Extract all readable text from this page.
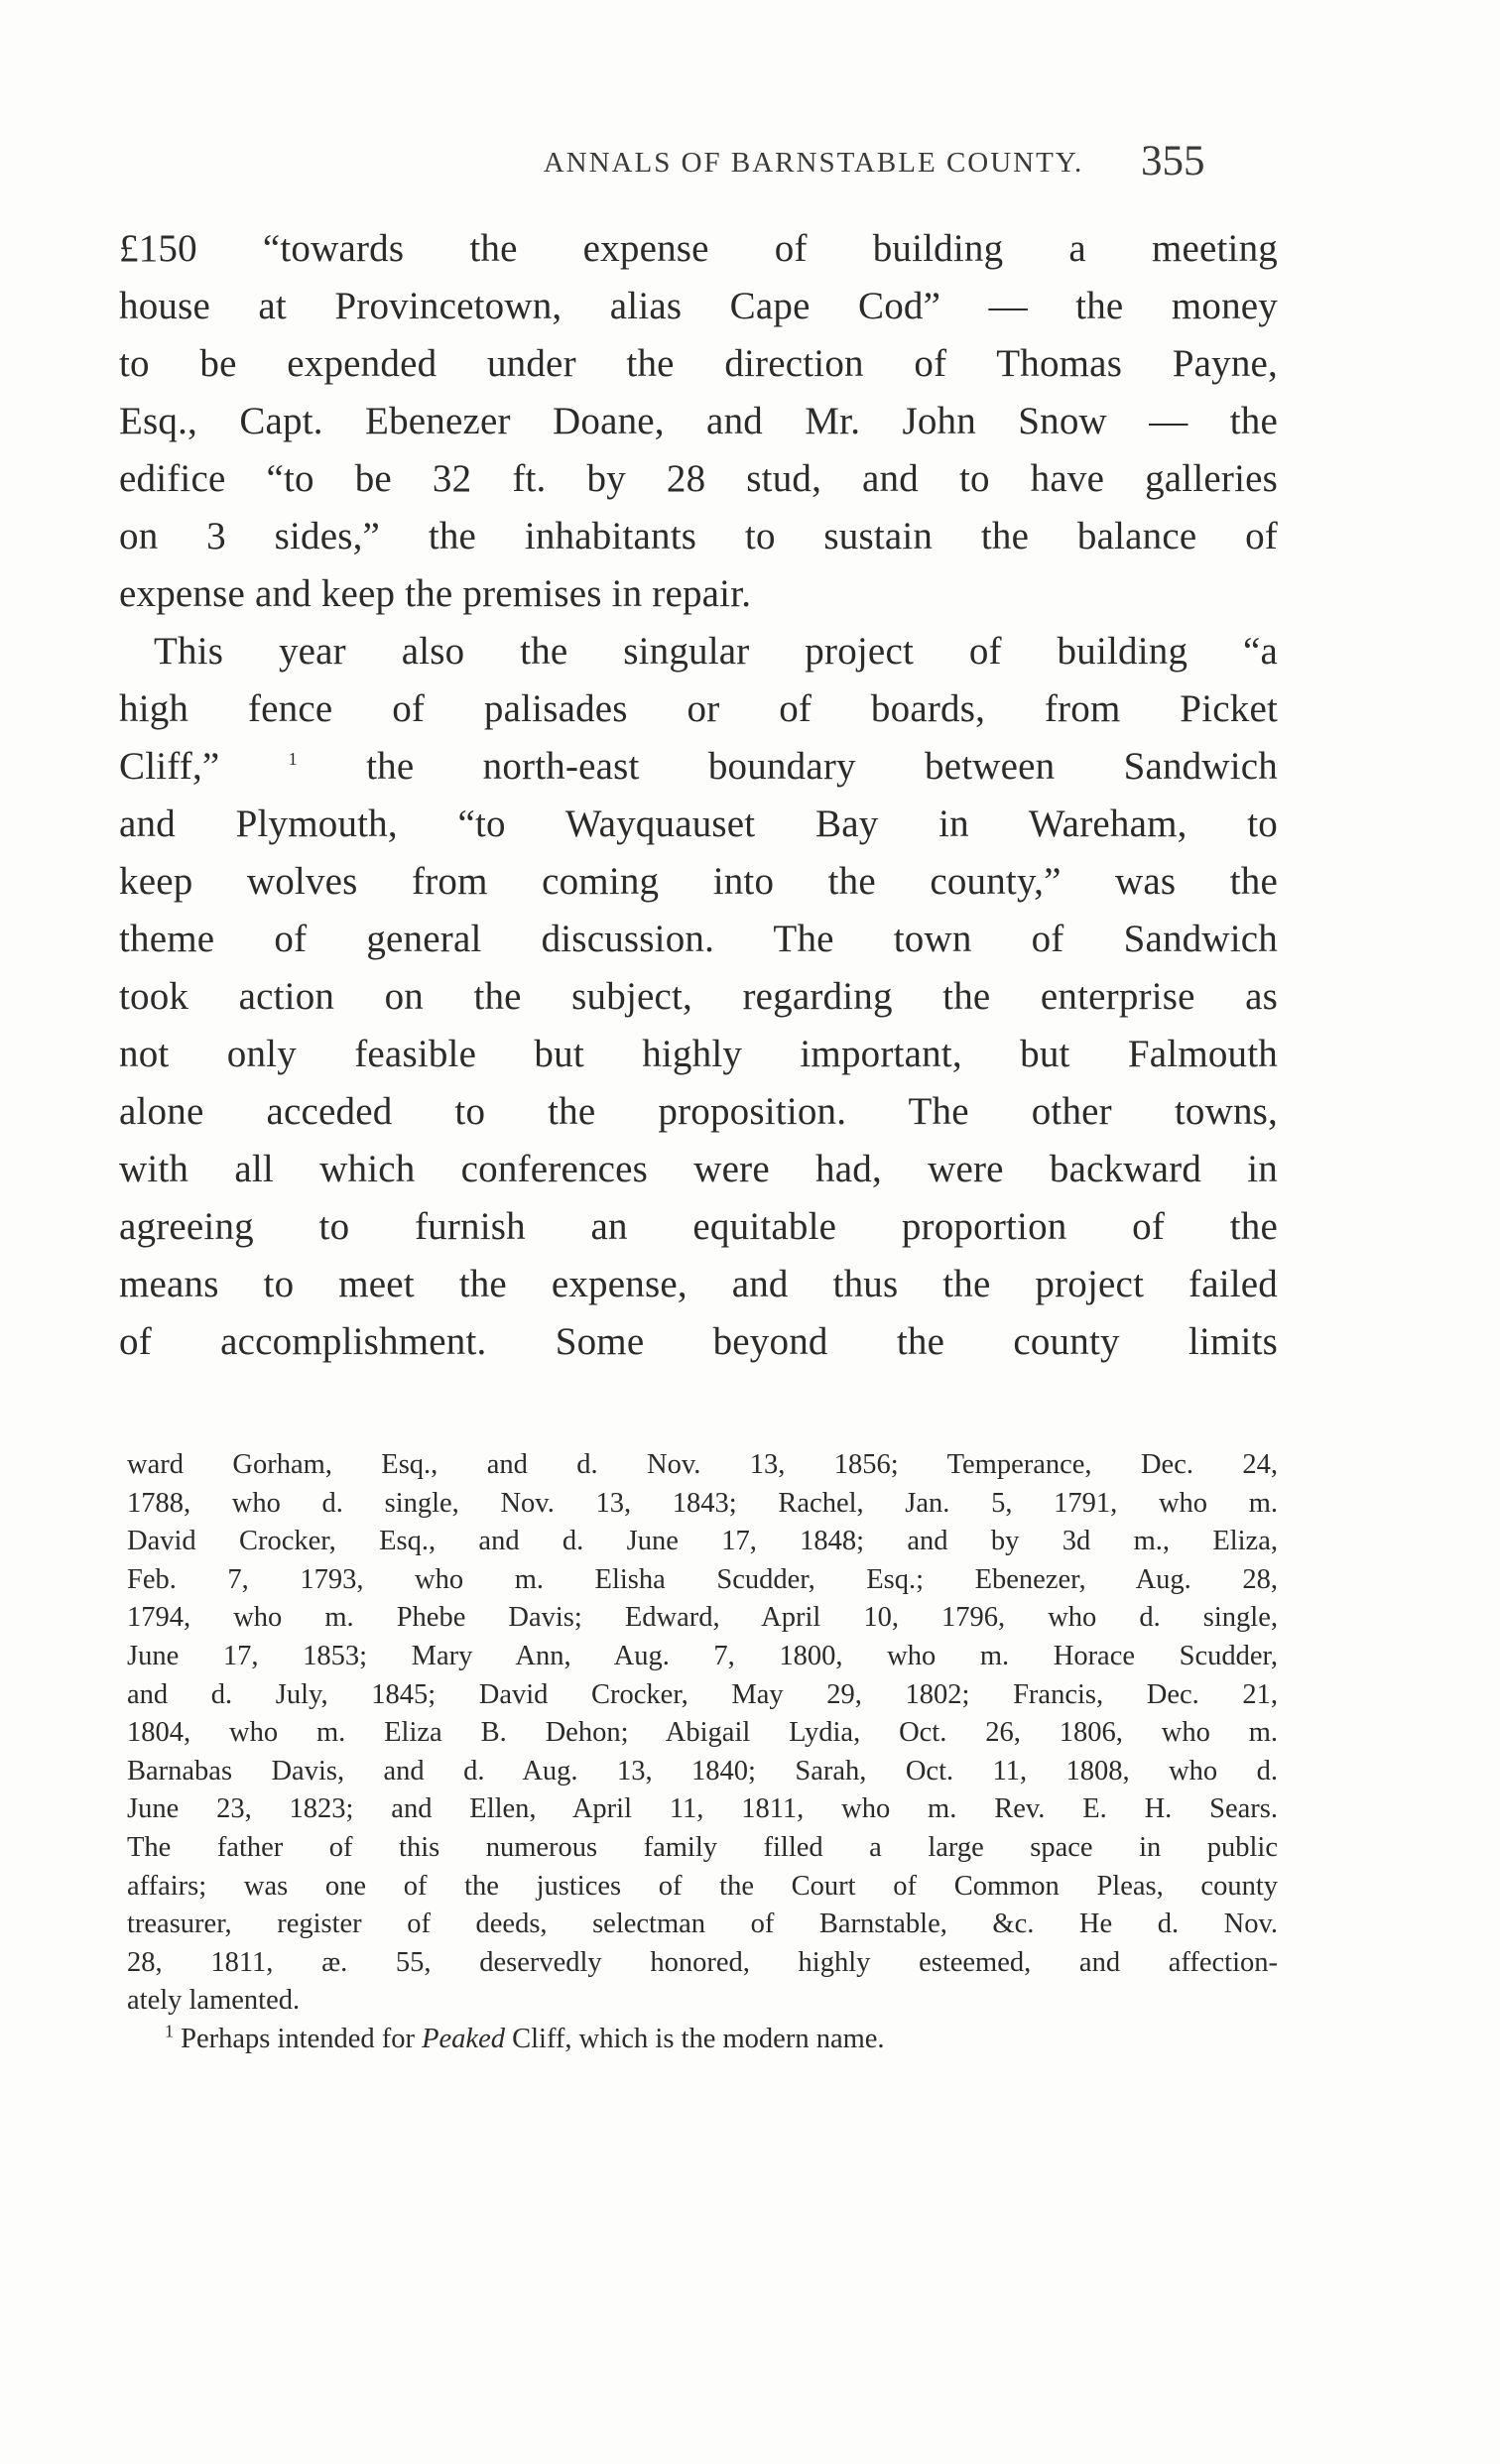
ANNALS OF BARNSTABLE COUNTY.	355
£150 “towards the expense of building a meeting
house at Provincetown, alias Cape Cod” — the money
to be expended under the direction of Thomas Payne,
Esq., Capt. Ebenezer Doane, and Mr. John Snow — the
edifice “to be 32 ft. by 28 stud, and to have galleries
on 3 sides,” the inhabitants to sustain the balance of
expense and keep the premises in repair.
This year also the singular project of building “a
high fence of palisades or of boards, from Picket
Cliff,” $^1$ the north-east boundary between Sandwich
and Plymouth, “to Wayquauset Bay in Wareham, to
keep wolves from coming into the county,” was the
theme of general discussion. The town of Sandwich
took action on the subject, regarding the enterprise as
not only feasible but highly important, but Falmouth
alone acceded to the proposition. The other towns,
with all which conferences were had, were backward in
agreeing to furnish an equitable proportion of the
means to meet the expense, and thus the project failed
of accomplishment. Some beyond the county limits
ward Gorham, Esq., and d. Nov. 13, 1856; Temperance, Dec. 24,
1788, who d. single, Nov. 13, 1843; Rachel, Jan. 5, 1791, who m.
David Crocker, Esq., and d. June 17, 1848; and by 3d m., Eliza,
Feb. 7, 1793, who m. Elisha Scudder, Esq.; Ebenezer, Aug. 28,
1794, who m. Phebe Davis; Edward, April 10, 1796, who d. single,
June 17, 1853; Mary Ann, Aug. 7, 1800, who m. Horace Scudder,
and d. July, 1845; David Crocker, May 29, 1802; Francis, Dec. 21,
1804, who m. Eliza B. Dehon; Abigail Lydia, Oct. 26, 1806, who m.
Barnabas Davis, and d. Aug. 13, 1840; Sarah, Oct. 11, 1808, who d.
June 23, 1823; and Ellen, April 11, 1811, who m. Rev. E. H. Sears.
The father of this numerous family filled a large space in public
affairs; was one of the justices of the Court of Common Pleas, county
treasurer, register of deeds, selectman of Barnstable, &c. He d. Nov.
28, 1811, æ. 55, deservedly honored, highly esteemed, and affection-
ately lamented.
$^1$ Perhaps intended for Peaked Cliff, which is the modern name.
